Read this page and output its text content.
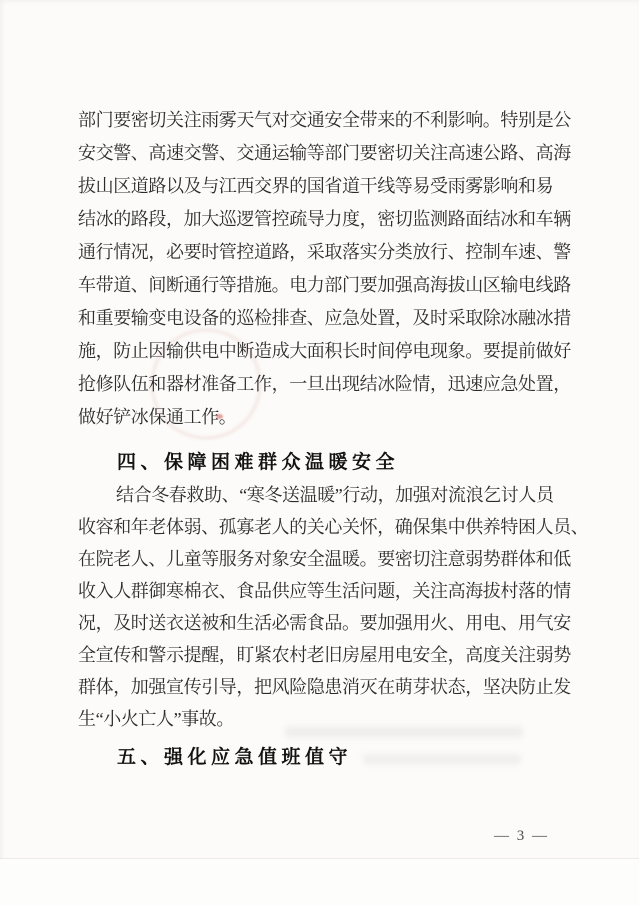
部门要密切关注雨雾天气对交通安全带来的不利影响。特别是公
安交警、高速交警、交通运输等部门要密切关注高速公路、高海
拔山区道路以及与江西交界的国省道干线等易受雨雾影响和易
结冰的路段，加大巡逻管控疏导力度，密切监测路面结冰和车辆
通行情况，必要时管控道路，采取落实分类放行、控制车速、警
车带道、间断通行等措施。电力部门要加强高海拔山区输电线路
和重要输变电设备的巡检排查、应急处置，及时采取除冰融冰措
施，防止因输供电中断造成大面积长时间停电现象。要提前做好
抢修队伍和器材准备工作，一旦出现结冰险情，迅速应急处置，
做好铲冰保通工作。
四、保障困难群众温暖安全
结合冬春救助、“寒冬送温暖”行动，加强对流浪乞讨人员
收容和年老体弱、孤寡老人的关心关怀，确保集中供养特困人员、
在院老人、儿童等服务对象安全温暖。要密切注意弱势群体和低
收入人群御寒棉衣、食品供应等生活问题，关注高海拔村落的情
况，及时送衣送被和生活必需食品。要加强用火、用电、用气安
全宣传和警示提醒，盯紧农村老旧房屋用电安全，高度关注弱势
群体，加强宣传引导，把风险隐患消灭在萌芽状态，坚决防止发
生“小火亡人”事故。
五、强化应急值班值守
— 3 —
